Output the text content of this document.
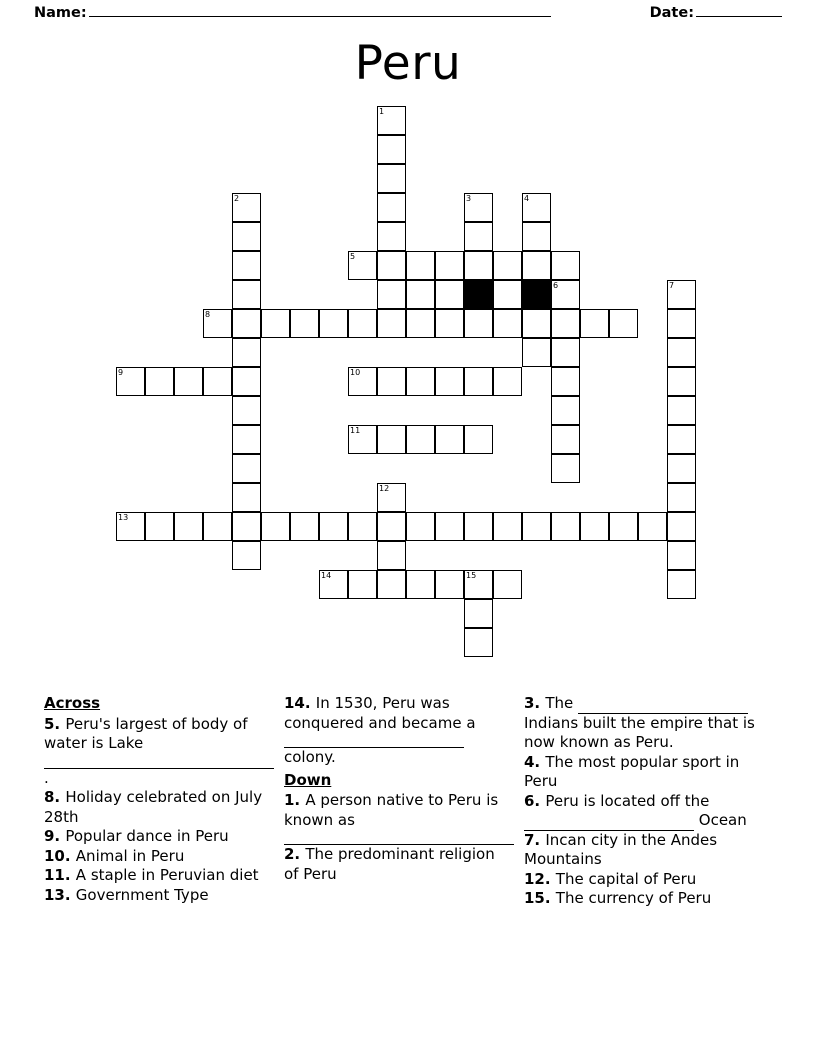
Name:	Date:
Peru
1
2	3	4
5
6	7
8
9	10
11
12
13
14	15
Across
5. Peru's largest of body of water is Lake
.
8. Holiday celebrated on July 28th
9. Popular dance in Peru
10. Animal in Peru
11. A staple in Peruvian diet
13. Government Type
14. In 1530, Peru was conquered and became a
colony.
Down
1. A person native to Peru is known as
2. The predominant religion of Peru
3. The  Indians built the empire that is now known as Peru.
4. The most popular sport in Peru
6. Peru is located off the  Ocean
7. Incan city in the Andes Mountains
12. The capital of Peru
15. The currency of Peru
